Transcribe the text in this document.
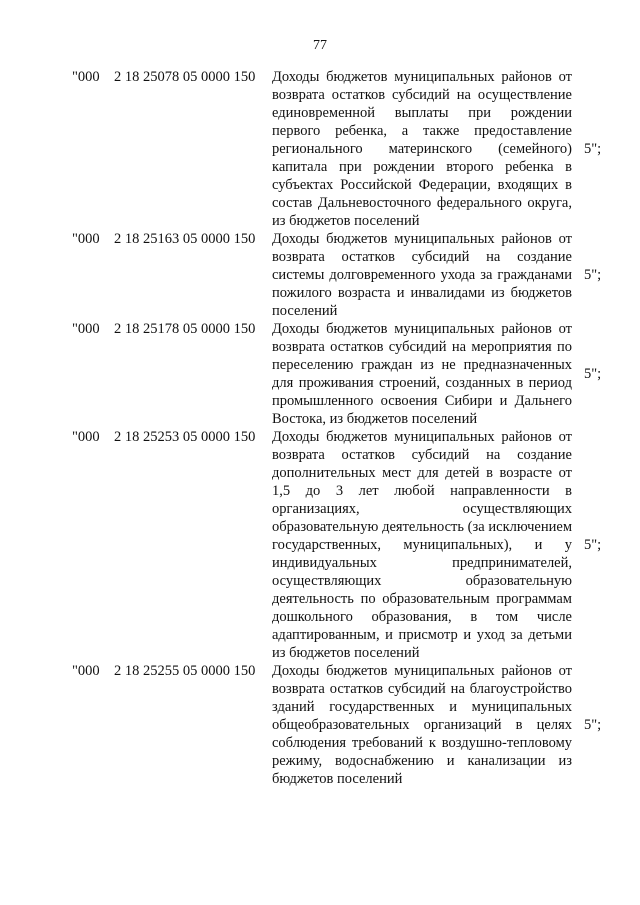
77
"000 2 18 25078 05 0000 150 Доходы бюджетов муниципальных районов от возврата остатков субсидий на осуществление единовременной выплаты при рождении первого ребенка, а также предоставление регионального материнского (семейного) капитала при рождении второго ребенка в субъектах Российской Федерации, входящих в состав Дальневосточного федерального округа, из бюджетов поселений
5";
"000 2 18 25163 05 0000 150 Доходы бюджетов муниципальных районов от возврата остатков субсидий на создание системы долговременного ухода за гражданами пожилого возраста и инвалидами из бюджетов поселений
5";
"000 2 18 25178 05 0000 150 Доходы бюджетов муниципальных районов от возврата остатков субсидий на мероприятия по переселению граждан из не предназначенных для проживания строений, созданных в период промышленного освоения Сибири и Дальнего Востока, из бюджетов поселений
5";
"000 2 18 25253 05 0000 150 Доходы бюджетов муниципальных районов от возврата остатков субсидий на создание дополнительных мест для детей в возрасте от 1,5 до 3 лет любой направленности в организациях, осуществляющих образовательную деятельность (за исключением государственных, муниципальных), и у индивидуальных предпринимателей, осуществляющих образовательную деятельность по образовательным программам дошкольного образования, в том числе адаптированным, и присмотр и уход за детьми из бюджетов поселений
5";
"000 2 18 25255 05 0000 150 Доходы бюджетов муниципальных районов от возврата остатков субсидий на благоустройство зданий государственных и муниципальных общеобразовательных организаций в целях соблюдения требований к воздушно-тепловому режиму, водоснабжению и канализации из бюджетов поселений
5";
